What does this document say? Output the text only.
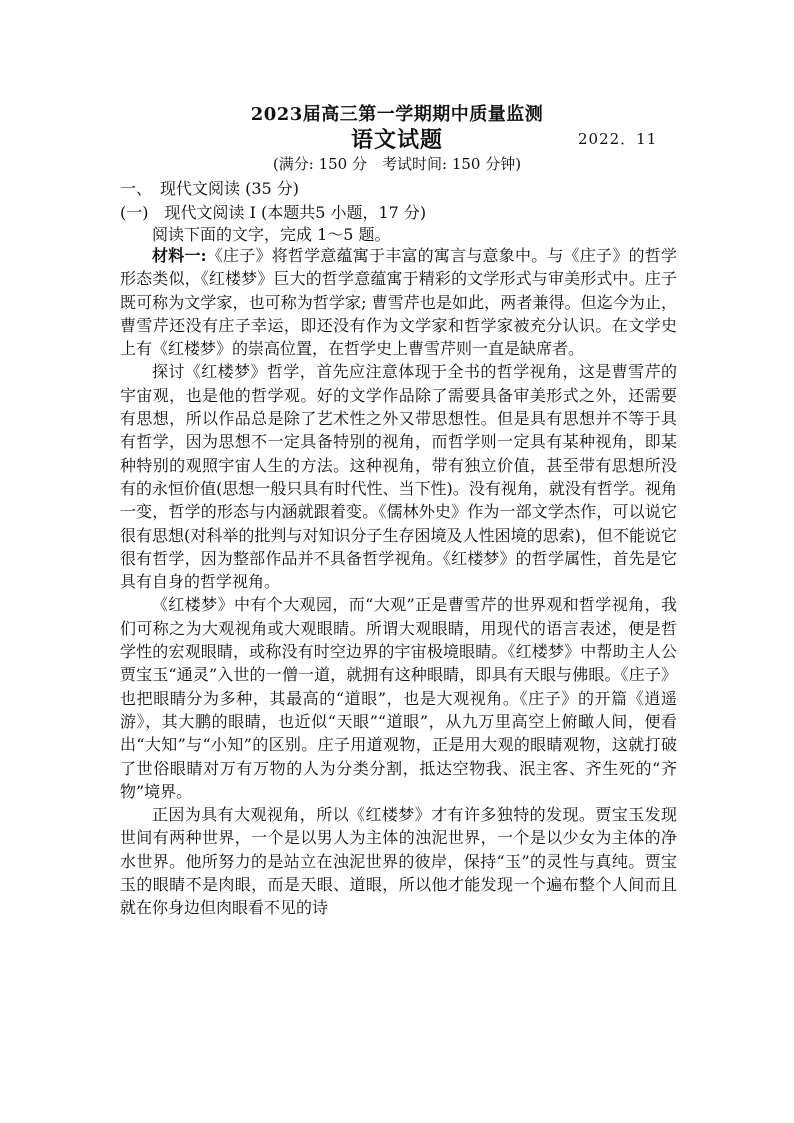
2023届高三第一学期期中质量监测
语文试题	2022．11
(满分: 150 分　考试时间: 150 分钟)
一、　现代文阅读 (35 分)
(一)　现代文阅读 I (本题共5 小题，17 分)
阅读下面的文字，完成 1～5 题。

材料一:《庄子》将哲学意蕴寓于丰富的寓言与意象中。与《庄子》的哲学形态类似，《红楼梦》巨大的哲学意蕴寓于精彩的文学形式与审美形式中。庄子既可称为文学家，也可称为哲学家; 曹雪芹也是如此，两者兼得。但迄今为止，曹雪芹还没有庄子幸运，即还没有作为文学家和哲学家被充分认识。在文学史上有《红楼梦》的崇高位置，在哲学史上曹雪芹则一直是缺席者。

探讨《红楼梦》哲学，首先应注意体现于全书的哲学视角，这是曹雪芹的宇宙观，也是他的哲学观。好的文学作品除了需要具备审美形式之外，还需要有思想，所以作品总是除了艺术性之外又带思想性。但是具有思想并不等于具有哲学，因为思想不一定具备特别的视角，而哲学则一定具有某种视角，即某种特别的观照宇宙人生的方法。这种视角，带有独立价值，甚至带有思想所没有的永恒价值(思想一般只具有时代性、当下性)。没有视角，就没有哲学。视角一变，哲学的形态与内涵就跟着变。《儒林外史》作为一部文学杰作，可以说它很有思想(对科举的批判与对知识分子生存困境及人性困境的思索)，但不能说它很有哲学，因为整部作品并不具备哲学视角。《红楼梦》的哲学属性，首先是它具有自身的哲学视角。

《红楼梦》中有个大观园，而“大观”正是曹雪芹的世界观和哲学视角，我们可称之为大观视角或大观眼睛。所谓大观眼睛，用现代的语言表述，便是哲学性的宏观眼睛，或称没有时空边界的宇宙极境眼睛。《红楼梦》中帮助主人公贾宝玉“通灵”入世的一僧一道，就拥有这种眼睛，即具有天眼与佛眼。《庄子》也把眼睛分为多种，其最高的“道眼”，也是大观视角。《庄子》的开篇《逍遥游》，其大鹏的眼睛，也近似“天眼”“道眼”，从九万里高空上俯瞰人间，便看出“大知”与“小知”的区别。庄子用道观物，正是用大观的眼睛观物，这就打破了世俗眼睛对万有万物的人为分类分割，抵达空物我、泯主客、齐生死的“齐物”境界。

正因为具有大观视角，所以《红楼梦》才有许多独特的发现。贾宝玉发现世间有两种世界，一个是以男人为主体的浊泥世界，一个是以少女为主体的净水世界。他所努力的是站立在浊泥世界的彼岸，保持“玉”的灵性与真纯。贾宝玉的眼睛不是肉眼，而是天眼、道眼，所以他才能发现一个遍布整个人间而且就在你身边但肉眼看不见的诗
